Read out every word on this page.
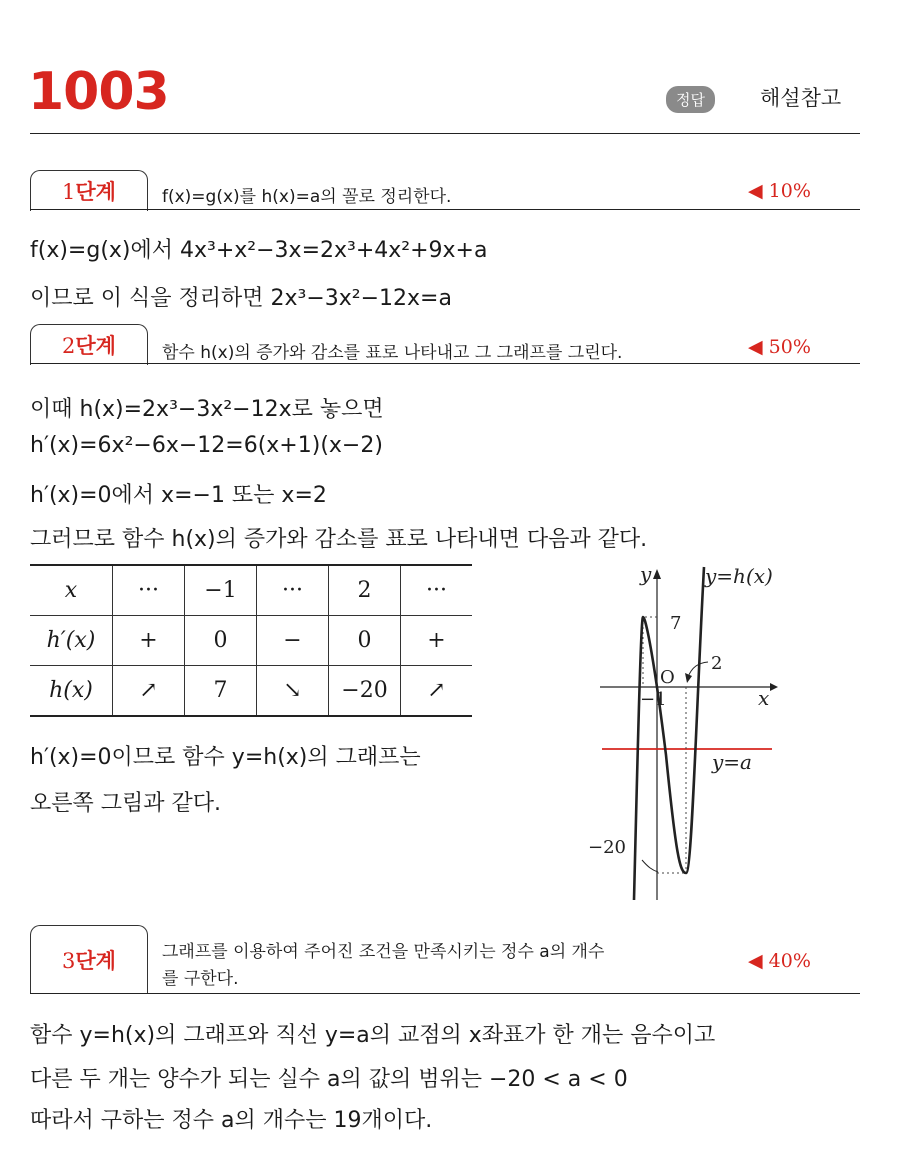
1003	정답	해설참고
1단계	f(x)=g(x)를 h(x)=a의 꼴로 정리한다.	◀ 10%
f(x)=g(x)에서 4x³+x²−3x=2x³+4x²+9x+a
이므로 이 식을 정리하면 2x³−3x²−12x=a
2단계	함수 h(x)의 증가와 감소를 표로 나타내고 그 그래프를 그린다.	◀ 50%
이때 h(x)=2x³−3x²−12x로 놓으면
h′(x)=6x²−6x−12=6(x+1)(x−2)
h′(x)=0에서 x=−1 또는 x=2
그러므로 함수 h(x)의 증가와 감소를 표로 나타내면 다음과 같다.
x	···	−1	···	2	···
h′(x)	+	0	−	0	+
h(x)	↗	7	↘	−20	↗
h′(x)=0이므로 함수 y=h(x)의 그래프는
오른쪽 그림과 같다.
y	y=h(x)
x
O
7
−1
2
y=a
−20
3단계	그래프를 이용하여 주어진 조건을 만족시키는 정수 a의 개수
를 구한다.
◀ 40%
함수 y=h(x)의 그래프와 직선 y=a의 교점의 x좌표가 한 개는 음수이고
다른 두 개는 양수가 되는 실수 a의 값의 범위는 −20 < a < 0
따라서 구하는 정수 a의 개수는 19개이다.
